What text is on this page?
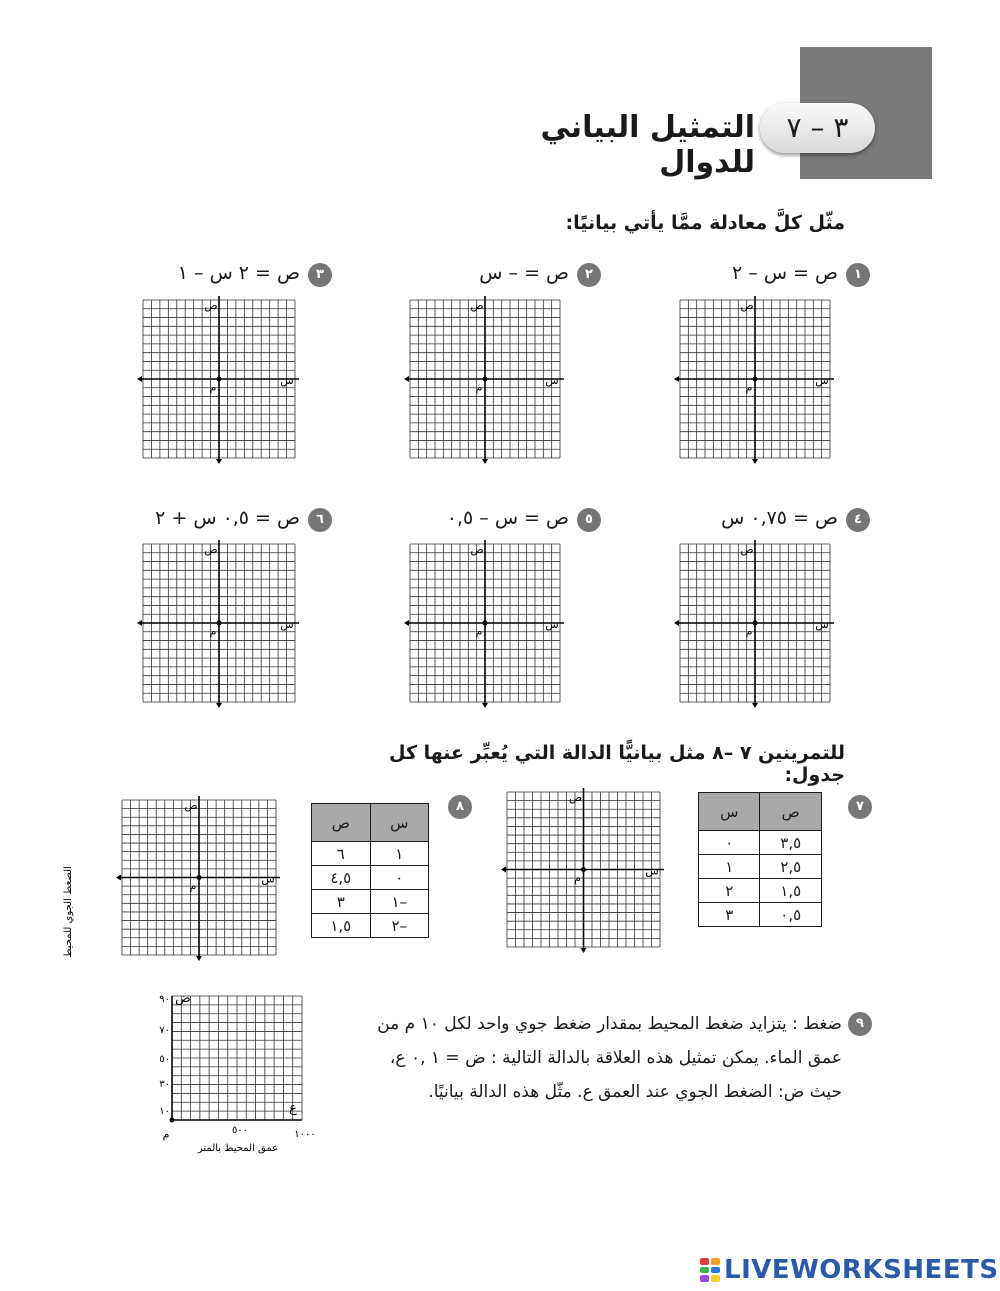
٣ – ٧
التمثيل البياني للدوال
مثّل كلَّ معادلة ممَّا يأتي بيانيًا:
١
ص = س – ٢
٢
ص = – س
٣
ص = ٢ س – ١
ص
س
م
ص
س
م
ص
س
م
٤
ص = ٠,٧٥ س
٥
ص = س – ٠,٥
٦
ص = ٠,٥ س + ٢
ص
س
م
ص
س
م
ص
س
م
للتمرينين ٧ –٨ مثل بيانيًّا الدالة التي يُعبِّر عنها كل جدول:
٧
س	ص
٠	٣,٥
١	٢,٥
٢	١,٥
٣	٠,٥
ص
س
م
٨
ص	س
٦	١
٤,٥	٠
٣	١–
١,٥	٢–
ص
س
م
٩
ضغط : يتزايد ضغط المحيط بمقدار ضغط جوي واحد لكل ١٠ م من
عمق الماء. يمكن تمثيل هذه العلاقة بالدالة التالية : ض = ١ ,٠ ع،
حيث ض: الضغط الجوي عند العمق ع. مثّل هذه الدالة بيانيًا.
الضغط الجوي للمحيط
٩٠
٧٠
٥٠
٣٠
١٠
م	٥٠٠	١٠٠٠
عمق المحيط بالمتر
ع
ض
LIVEWORKSHEETS
